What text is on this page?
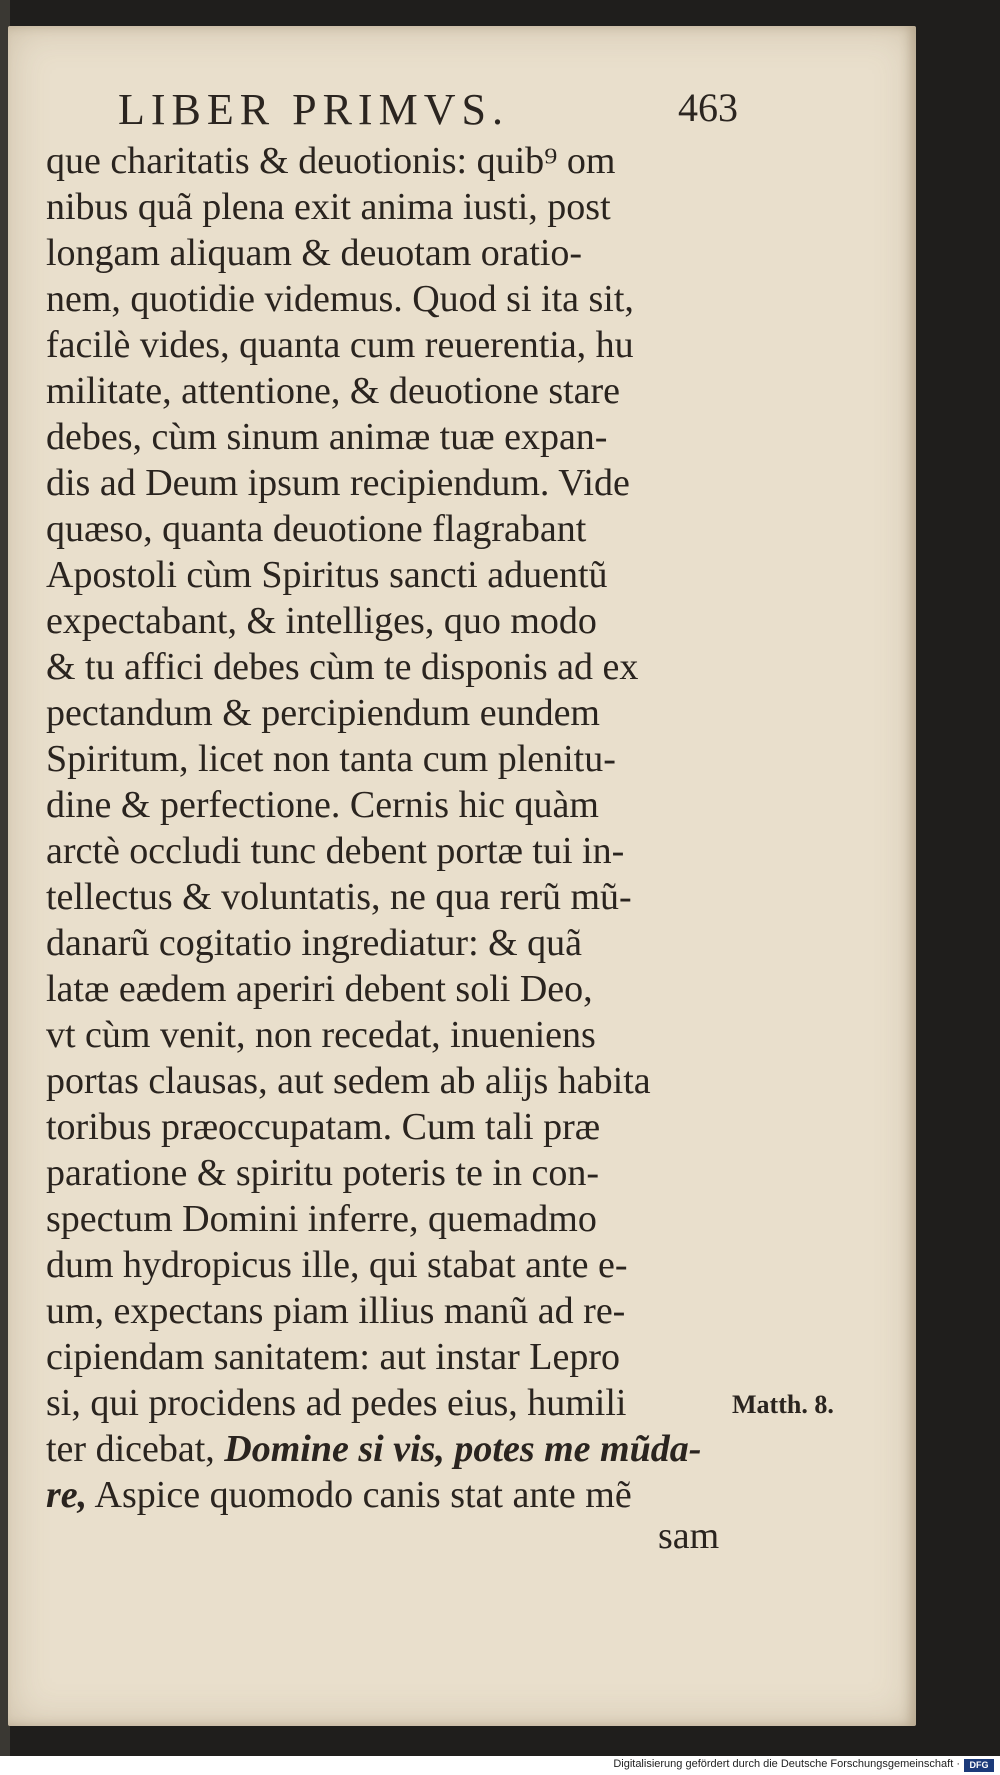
LIBER PRIMVS.	463
que charitatis & deuotionis: quib⁹ om
nibus quã plena exit anima iusti, post
longam aliquam & deuotam oratio-
nem, quotidie videmus. Quod si ita sit,
facilè vides, quanta cum reuerentia, hu
militate, attentione, & deuotione stare
debes, cùm sinum animæ tuæ expan-
dis ad Deum ipsum recipiendum. Vide
quæso, quanta deuotione flagrabant
Apostoli cùm Spiritus sancti aduentũ
expectabant, & intelliges, quo modo
& tu affici debes cùm te disponis ad ex
pectandum & percipiendum eundem
Spiritum, licet non tanta cum plenitu-
dine & perfectione. Cernis hic quàm
arctè occludi tunc debent portæ tui in-
tellectus & voluntatis, ne qua rerũ mũ-
danarũ cogitatio ingrediatur: & quã
latæ eædem aperiri debent soli Deo,
vt cùm venit, non recedat, inueniens
portas clausas, aut sedem ab alijs habita
toribus præoccupatam. Cum tali præ
paratione & spiritu poteris te in con-
spectum Domini inferre, quemadmo
dum hydropicus ille, qui stabat ante e-
um, expectans piam illius manũ ad re-
cipiendam sanitatem: aut instar Lepro
si, qui procidens ad pedes eius, humili
ter dicebat, Domine si vis, potes me mũda-
re, Aspice quomodo canis stat ante mẽ
Matth. 8.
sam
Digitalisierung gefördert durch die Deutsche Forschungsgemeinschaft ·	DFG
